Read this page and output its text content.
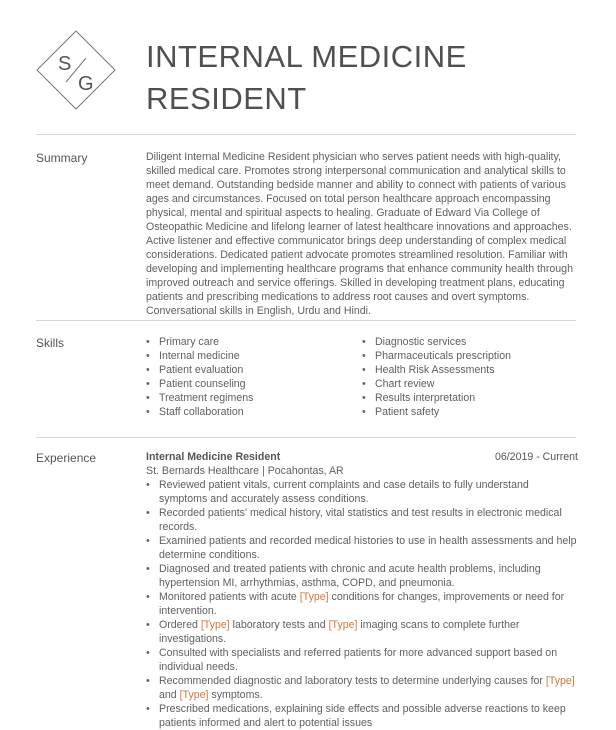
S
G
INTERNAL MEDICINE
RESIDENT
Summary	Diligent Internal Medicine Resident physician who serves patient needs with high-quality, skilled medical care. Promotes strong interpersonal communication and analytical skills to meet demand. Outstanding bedside manner and ability to connect with patients of various ages and circumstances. Focused on total person healthcare approach encompassing physical, mental and spiritual aspects to healing. Graduate of Edward Via College of Osteopathic Medicine and lifelong learner of latest healthcare innovations and approaches. Active listener and effective communicator brings deep understanding of complex medical considerations. Dedicated patient advocate promotes streamlined resolution. Familiar with developing and implementing healthcare programs that enhance community health through improved outreach and service offerings. Skilled in developing treatment plans, educating patients and prescribing medications to address root causes and overt symptoms. Conversational skills in English, Urdu and Hindi.
Skills	• Primary care
• Internal medicine
• Patient evaluation
• Patient counseling
• Treatment regimens
• Staff collaboration
• Diagnostic services
• Pharmaceuticals prescription
• Health Risk Assessments
• Chart review
• Results interpretation
• Patient safety
Experience	Internal Medicine Resident	06/2019 - Current
St. Bernards Healthcare | Pocahontas, AR
• Reviewed patient vitals, current complaints and case details to fully understand symptoms and accurately assess conditions.
• Recorded patients' medical history, vital statistics and test results in electronic medical records.
• Examined patients and recorded medical histories to use in health assessments and help determine conditions.
• Diagnosed and treated patients with chronic and acute health problems, including hypertension MI, arrhythmias, asthma, COPD, and pneumonia.
• Monitored patients with acute [Type] conditions for changes, improvements or need for intervention.
• Ordered [Type] laboratory tests and [Type] imaging scans to complete further investigations.
• Consulted with specialists and referred patients for more advanced support based on individual needs.
• Recommended diagnostic and laboratory tests to determine underlying causes for [Type] and [Type] symptoms.
• Prescribed medications, explaining side effects and possible adverse reactions to keep patients informed and alert to potential issues
